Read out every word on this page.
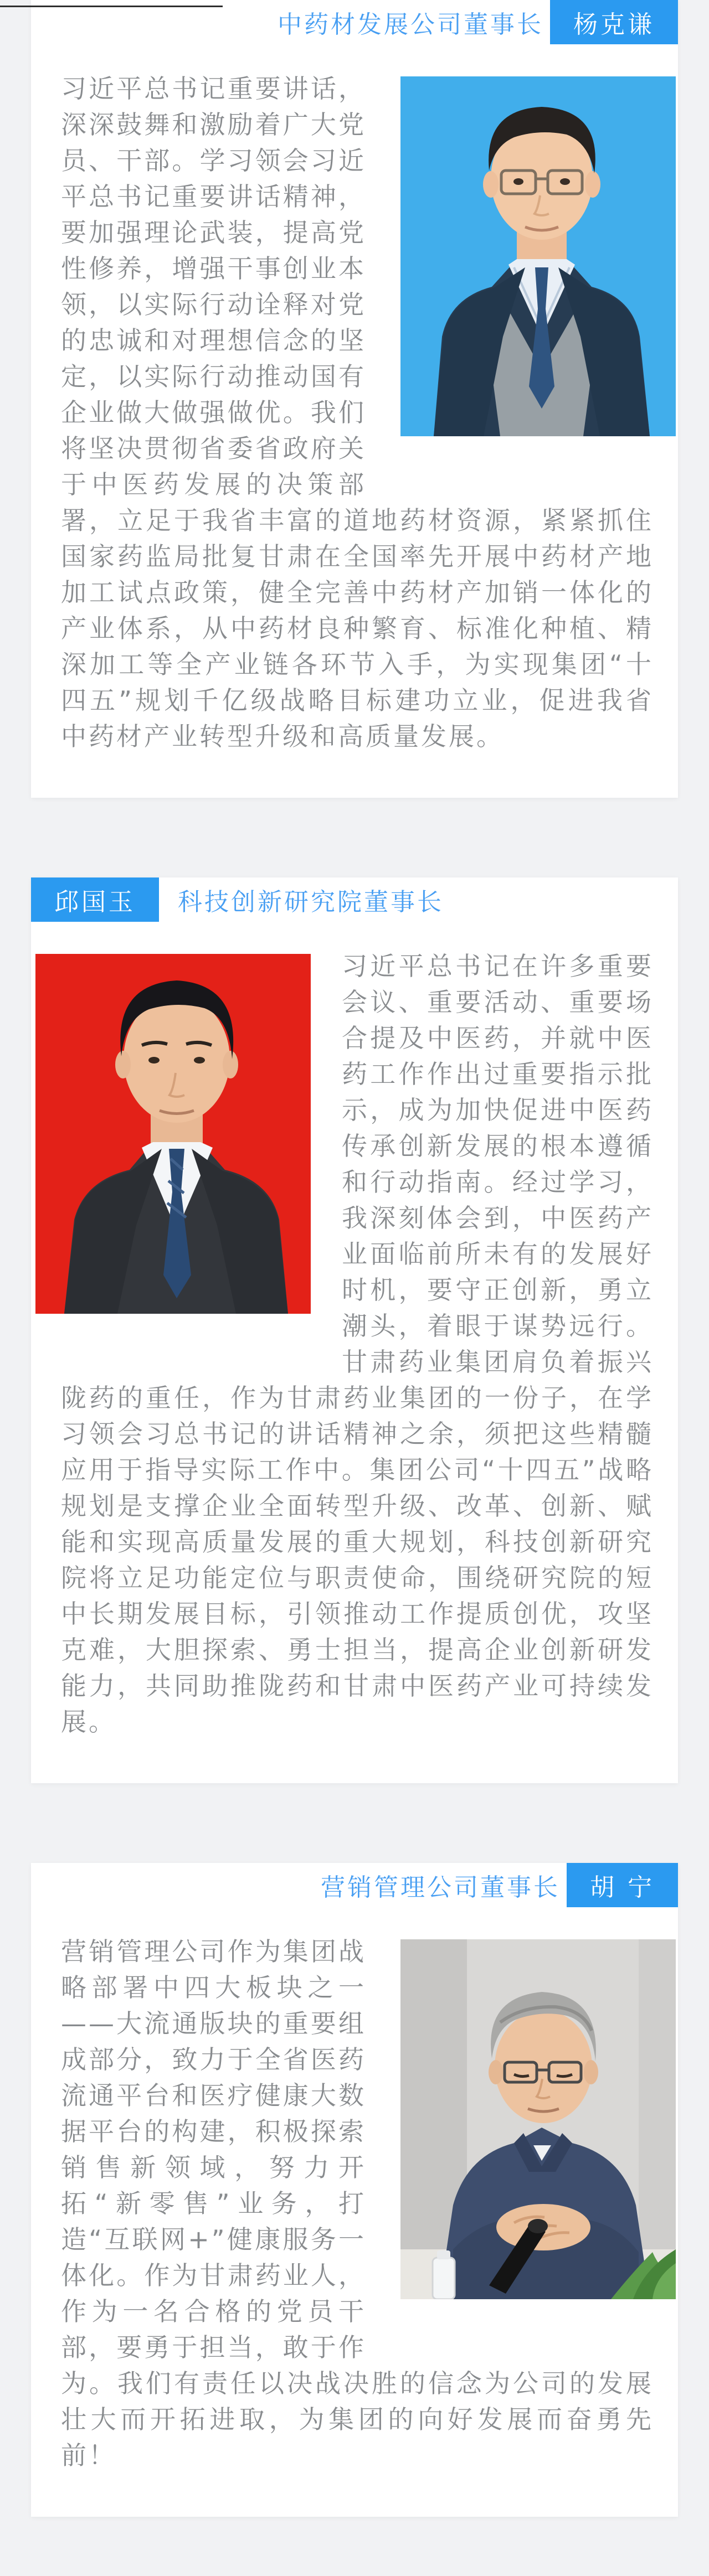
中药材发展公司董事长	杨克谦

习近平总书记重要讲话，深深鼓舞和激励着广大党员、干部。学习领会习近平总书记重要讲话精神，要加强理论武装，提高党性修养，增强干事创业本领，以实际行动诠释对党的忠诚和对理想信念的坚定，以实际行动推动国有企业做大做强做优。我们将坚决贯彻省委省政府关于中医药发展的决策部署，立足于我省丰富的道地药材资源，紧紧抓住国家药监局批复甘肃在全国率先开展中药材产地加工试点政策，健全完善中药材产加销一体化的产业体系，从中药材良种繁育、标准化种植、精深加工等全产业链各环节入手，为实现集团“十四五”规划千亿级战略目标建功立业，促进我省中药材产业转型升级和高质量发展。

邱国玉	科技创新研究院董事长

习近平总书记在许多重要会议、重要活动、重要场合提及中医药，并就中医药工作作出过重要指示批示，成为加快促进中医药传承创新发展的根本遵循和行动指南。经过学习，我深刻体会到，中医药产业面临前所未有的发展好时机，要守正创新，勇立潮头，着眼于谋势远行。甘肃药业集团肩负着振兴陇药的重任，作为甘肃药业集团的一份子，在学习领会习总书记的讲话精神之余，须把这些精髓应用于指导实际工作中。集团公司“十四五”战略规划是支撑企业全面转型升级、改革、创新、赋能和实现高质量发展的重大规划，科技创新研究院将立足功能定位与职责使命，围绕研究院的短中长期发展目标，引领推动工作提质创优，攻坚克难，大胆探索、勇士担当，提高企业创新研发能力，共同助推陇药和甘肃中医药产业可持续发展。

营销管理公司董事长	胡 宁

营销管理公司作为集团战略部署中四大板块之一——大流通版块的重要组成部分，致力于全省医药流通平台和医疗健康大数据平台的构建，积极探索销售新领域，努力开拓“新零售”业务，打造“互联网+”健康服务一体化。作为甘肃药业人，作为一名合格的党员干部，要勇于担当，敢于作为。我们有责任以决战决胜的信念为公司的发展壮大而开拓进取，为集团的向好发展而奋勇先前！
